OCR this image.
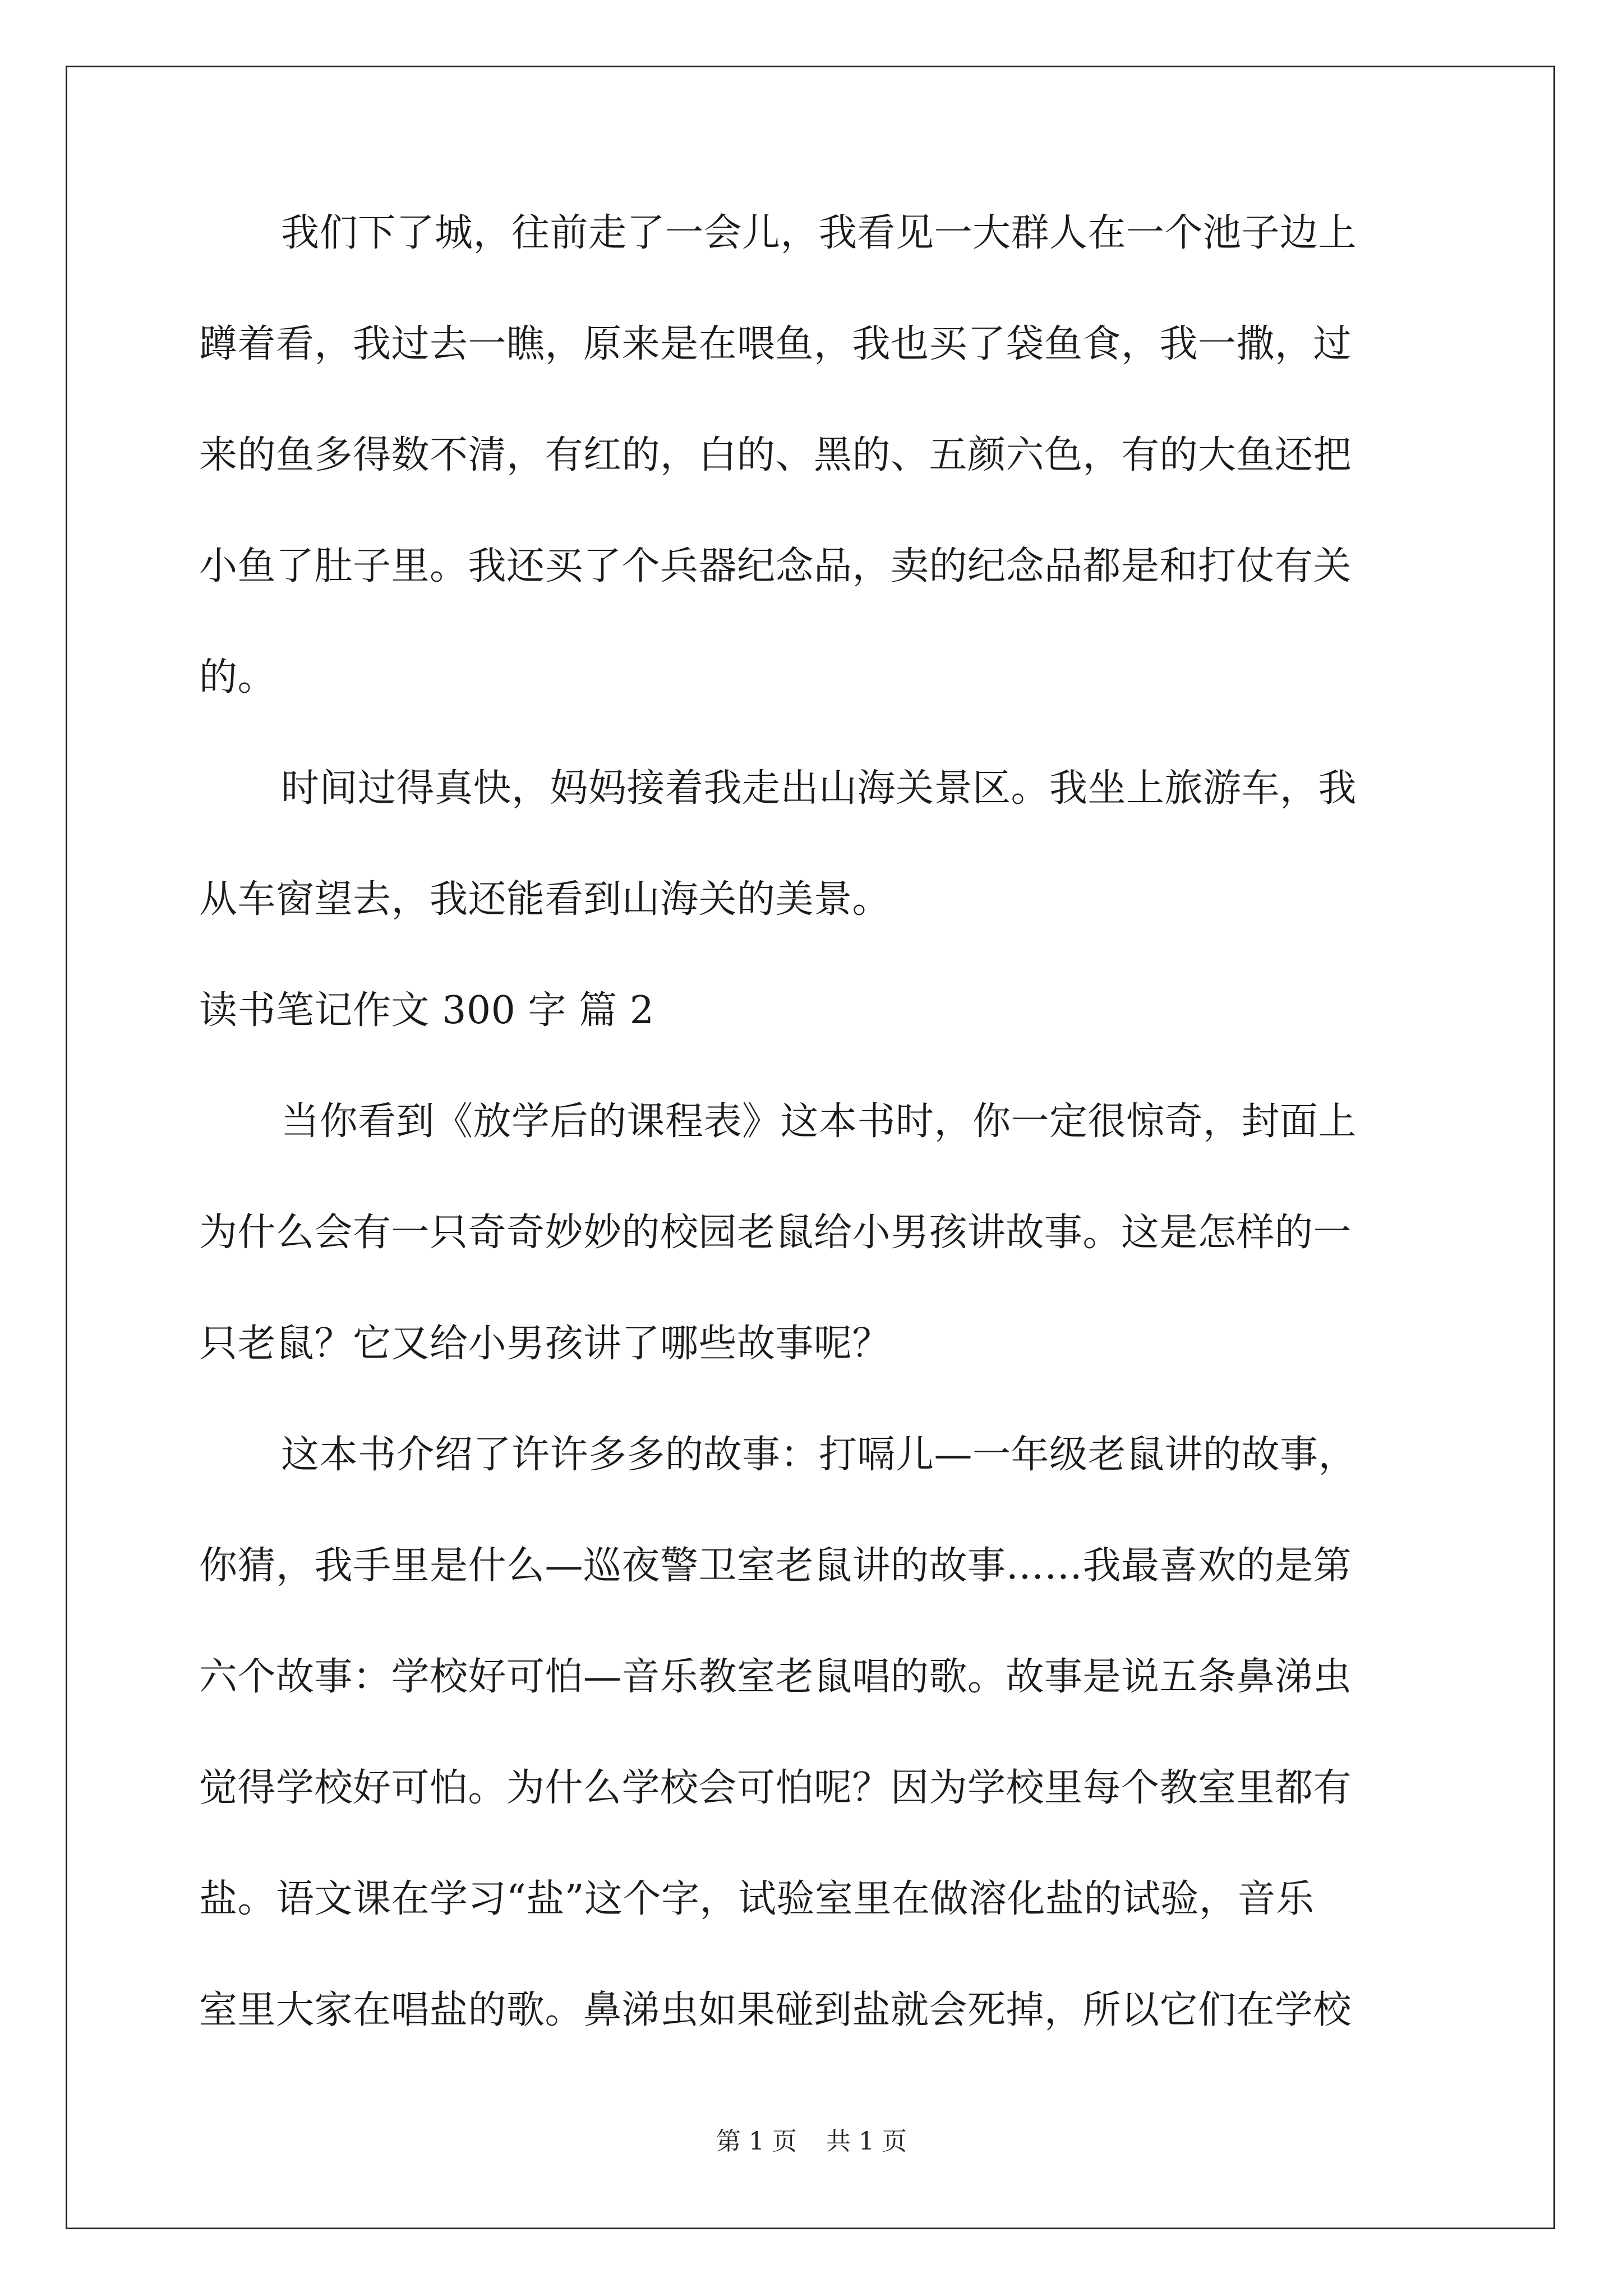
我们下了城，往前走了一会儿，我看见一大群人在一个池子边上
蹲着看，我过去一瞧，原来是在喂鱼，我也买了袋鱼食，我一撒，过
来的鱼多得数不清，有红的，白的、黑的、五颜六色，有的大鱼还把
小鱼了肚子里。我还买了个兵器纪念品，卖的纪念品都是和打仗有关
的。
时间过得真快，妈妈接着我走出山海关景区。我坐上旅游车，我
从车窗望去，我还能看到山海关的美景。
读书笔记作文 300 字 篇 2
当你看到《放学后的课程表》这本书时，你一定很惊奇，封面上
为什么会有一只奇奇妙妙的校园老鼠给小男孩讲故事。这是怎样的一
只老鼠？它又给小男孩讲了哪些故事呢？
这本书介绍了许许多多的故事：打嗝儿—一年级老鼠讲的故事，
你猜，我手里是什么—巡夜警卫室老鼠讲的故事……我最喜欢的是第
六个故事：学校好可怕—音乐教室老鼠唱的歌。故事是说五条鼻涕虫
觉得学校好可怕。为什么学校会可怕呢？因为学校里每个教室里都有
盐。语文课在学习“盐”这个字，试验室里在做溶化盐的试验，音乐
室里大家在唱盐的歌。鼻涕虫如果碰到盐就会死掉，所以它们在学校
第 1 页 共 1 页
